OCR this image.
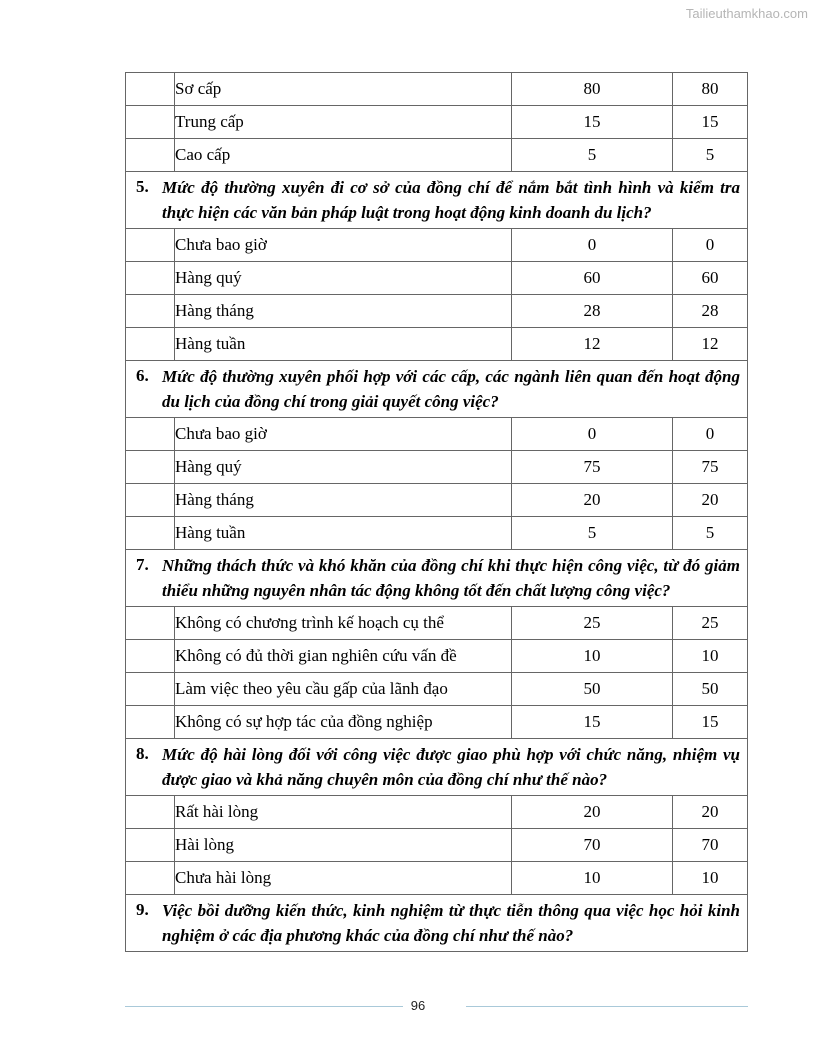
Tailieuthamkhao.com
	Sơ cấp	80	80
	Trung cấp	15	15
	Cao cấp	5	5
5. Mức độ thường xuyên đi cơ sở của đồng chí để nắm bắt tình hình và kiểm tra thực hiện các văn bản pháp luật trong hoạt động kinh doanh du lịch?			

	Chưa bao giờ	0	0
	Hàng quý	60	60
	Hàng tháng	28	28
	Hàng tuần	12	12
6. Mức độ thường xuyên phối hợp với các cấp, các ngành liên quan đến hoạt động du lịch của đồng chí trong giải quyết công việc?			

	Chưa bao giờ	0	0
	Hàng quý	75	75
	Hàng tháng	20	20
	Hàng tuần	5	5
7. Những thách thức và khó khăn của đồng chí khi thực hiện công việc, từ đó giảm thiểu những nguyên nhân tác động không tốt đến chất lượng công việc?			

	Không có chương trình kế hoạch cụ thể	25	25
	Không có đủ thời gian nghiên cứu vấn đề	10	10
	Làm việc theo yêu cầu gấp của lãnh đạo	50	50
	Không có sự hợp tác của đồng nghiệp	15	15
8. Mức độ hài lòng đối với công việc được giao phù hợp với chức năng, nhiệm vụ được giao và khả năng chuyên môn của đồng chí như thế nào?			

	Rất hài lòng	20	20
	Hài lòng	70	70
	Chưa hài lòng	10	10
9. Việc bồi dưỡng kiến thức, kinh nghiệm từ thực tiễn thông qua việc học hỏi kinh nghiệm ở các địa phương khác của đồng chí như thế nào?			
96
